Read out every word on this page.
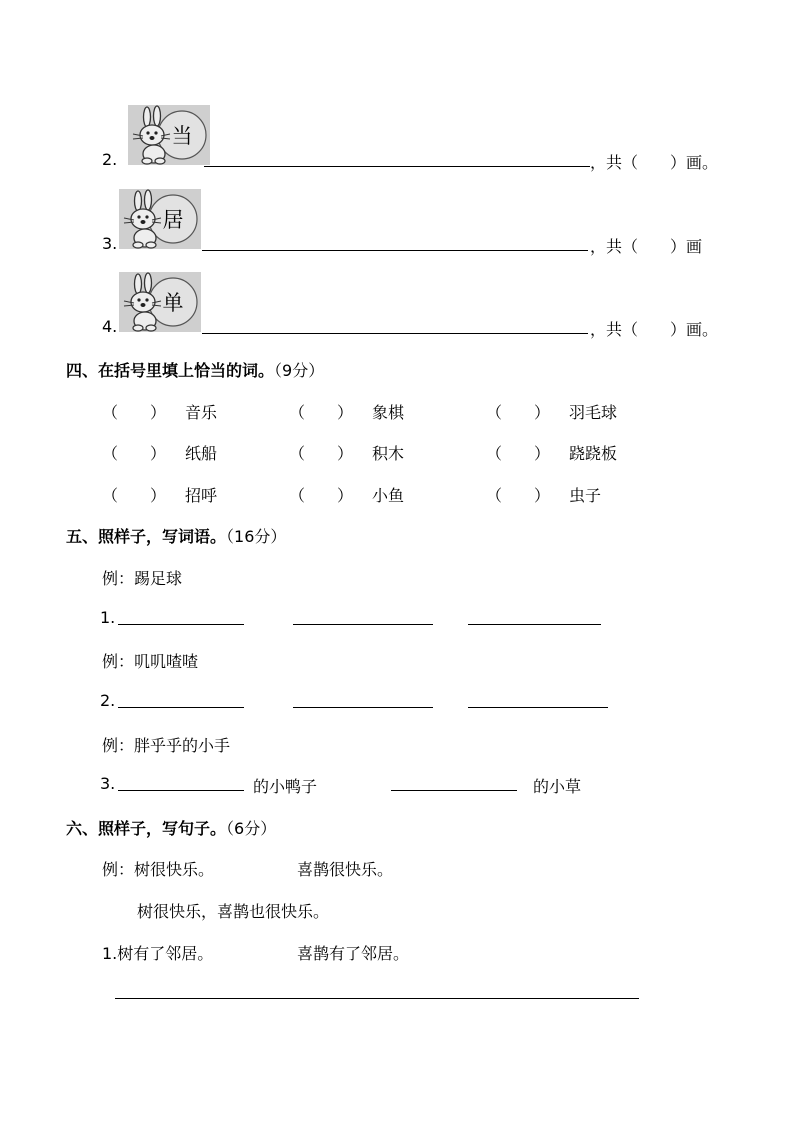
2.
当
，共（　　）画。
3.
居
，共（　　）画
4.
单
，共（　　）画。
四、在括号里填上恰当的词。（9分）
（　　） 音乐	（　　） 象棋	（　　） 羽毛球
（　　） 纸船	（　　） 积木	（　　） 跷跷板
（　　） 招呼	（　　） 小鱼	（　　） 虫子
五、照样子，写词语。（16分）
例：踢足球
1.
例：叽叽喳喳
2.
例：胖乎乎的小手
3.	的小鸭子	的小草
六、照样子，写句子。（6分）
例：树很快乐。	喜鹊很快乐。
树很快乐，喜鹊也很快乐。
1.树有了邻居。	喜鹊有了邻居。
